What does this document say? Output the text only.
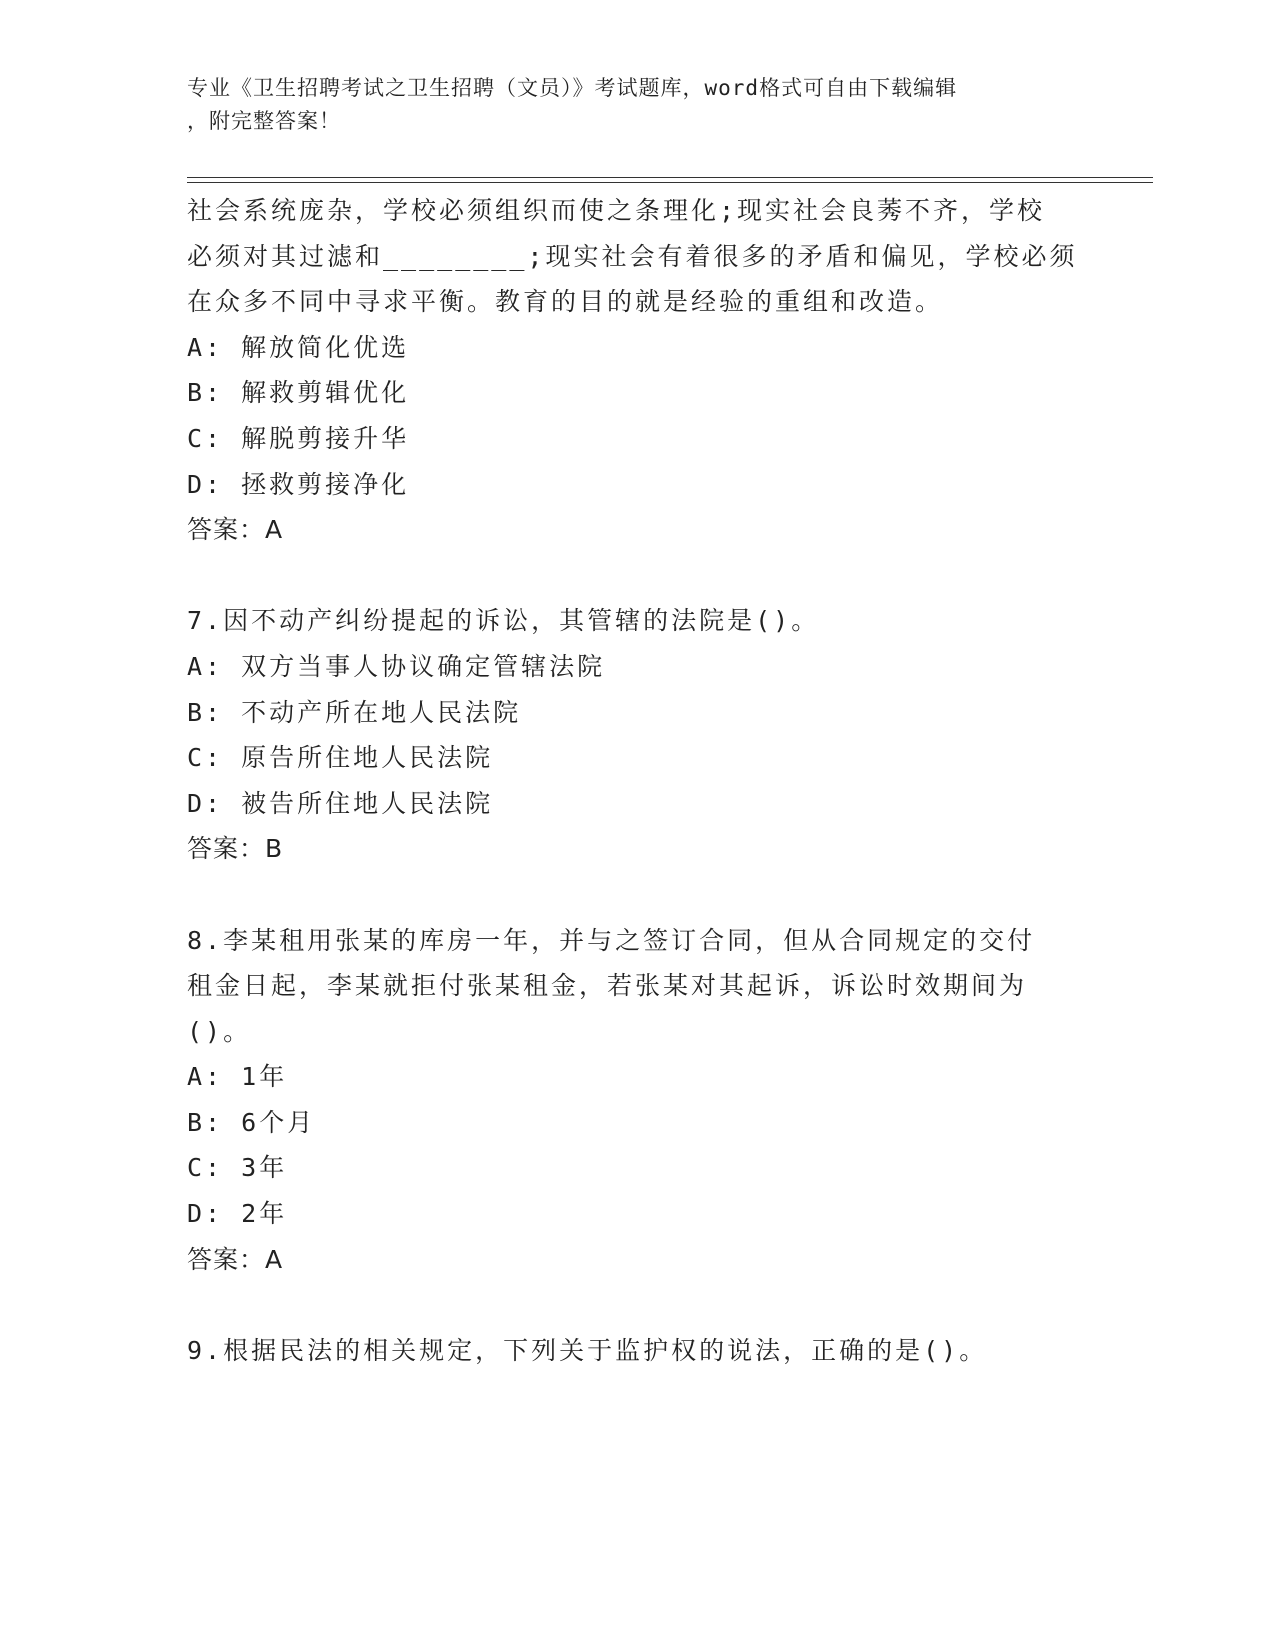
专业《卫生招聘考试之卫生招聘（文员）》考试题库，word格式可自由下载编辑
，附完整答案！
社会系统庞杂，学校必须组织而使之条理化;现实社会良莠不齐，学校
必须对其过滤和________;现实社会有着很多的矛盾和偏见，学校必须
在众多不同中寻求平衡。教育的目的就是经验的重组和改造。
A: 解放简化优选
B: 解救剪辑优化
C: 解脱剪接升华
D: 拯救剪接净化
答案：A
7.因不动产纠纷提起的诉讼，其管辖的法院是()。
A: 双方当事人协议确定管辖法院
B: 不动产所在地人民法院
C: 原告所住地人民法院
D: 被告所住地人民法院
答案：B
8.李某租用张某的库房一年，并与之签订合同，但从合同规定的交付
租金日起，李某就拒付张某租金，若张某对其起诉，诉讼时效期间为
()。
A: 1年
B: 6个月
C: 3年
D: 2年
答案：A
9.根据民法的相关规定，下列关于监护权的说法，正确的是()。
